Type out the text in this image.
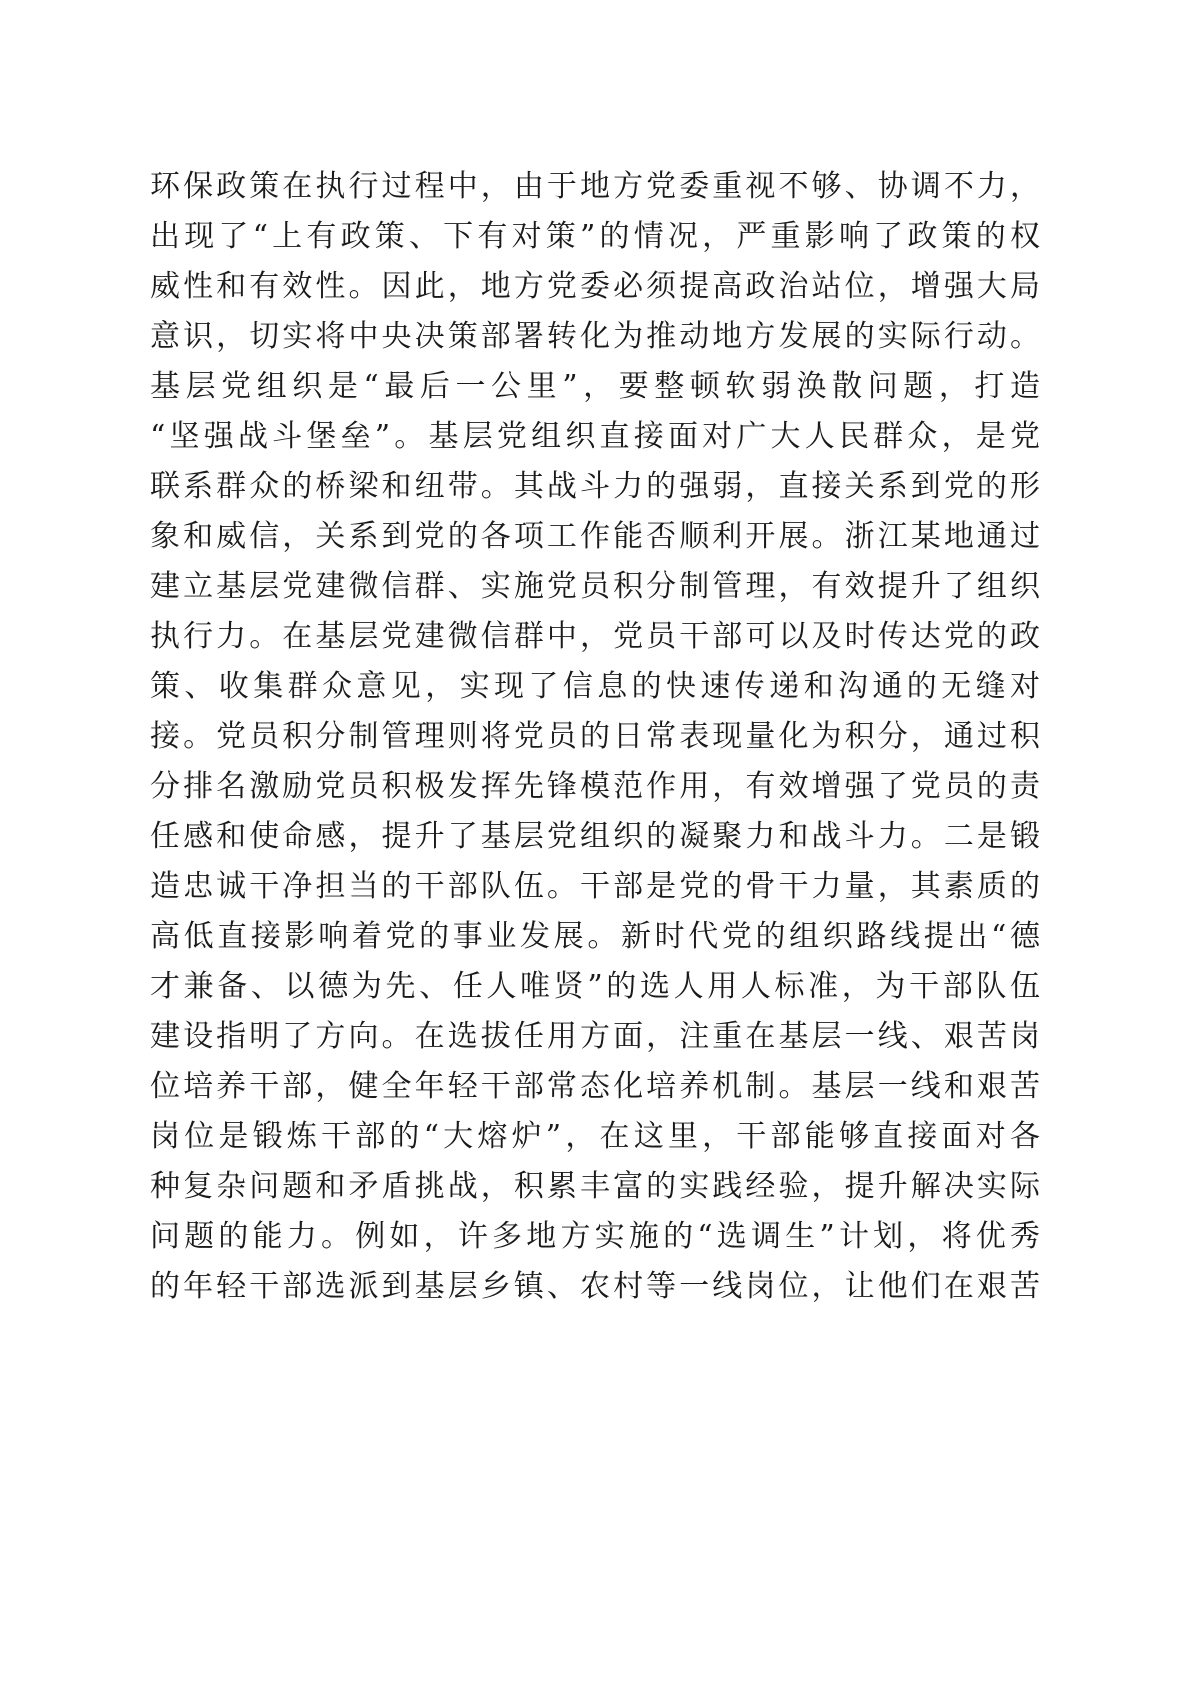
环保政策在执行过程中，由于地方党委重视不够、协调不力，
出现了“上有政策、下有对策”的情况，严重影响了政策的权
威性和有效性。因此，地方党委必须提高政治站位，增强大局
意识，切实将中央决策部署转化为推动地方发展的实际行动。
基层党组织是“最后一公里”，要整顿软弱涣散问题，打造
“坚强战斗堡垒”。基层党组织直接面对广大人民群众，是党
联系群众的桥梁和纽带。其战斗力的强弱，直接关系到党的形
象和威信，关系到党的各项工作能否顺利开展。浙江某地通过
建立基层党建微信群、实施党员积分制管理，有效提升了组织
执行力。在基层党建微信群中，党员干部可以及时传达党的政
策、收集群众意见，实现了信息的快速传递和沟通的无缝对
接。党员积分制管理则将党员的日常表现量化为积分，通过积
分排名激励党员积极发挥先锋模范作用，有效增强了党员的责
任感和使命感，提升了基层党组织的凝聚力和战斗力。二是锻
造忠诚干净担当的干部队伍。干部是党的骨干力量，其素质的
高低直接影响着党的事业发展。新时代党的组织路线提出“德
才兼备、以德为先、任人唯贤”的选人用人标准，为干部队伍
建设指明了方向。在选拔任用方面，注重在基层一线、艰苦岗
位培养干部，健全年轻干部常态化培养机制。基层一线和艰苦
岗位是锻炼干部的“大熔炉”，在这里，干部能够直接面对各
种复杂问题和矛盾挑战，积累丰富的实践经验，提升解决实际
问题的能力。例如，许多地方实施的“选调生”计划，将优秀
的年轻干部选派到基层乡镇、农村等一线岗位，让他们在艰苦
